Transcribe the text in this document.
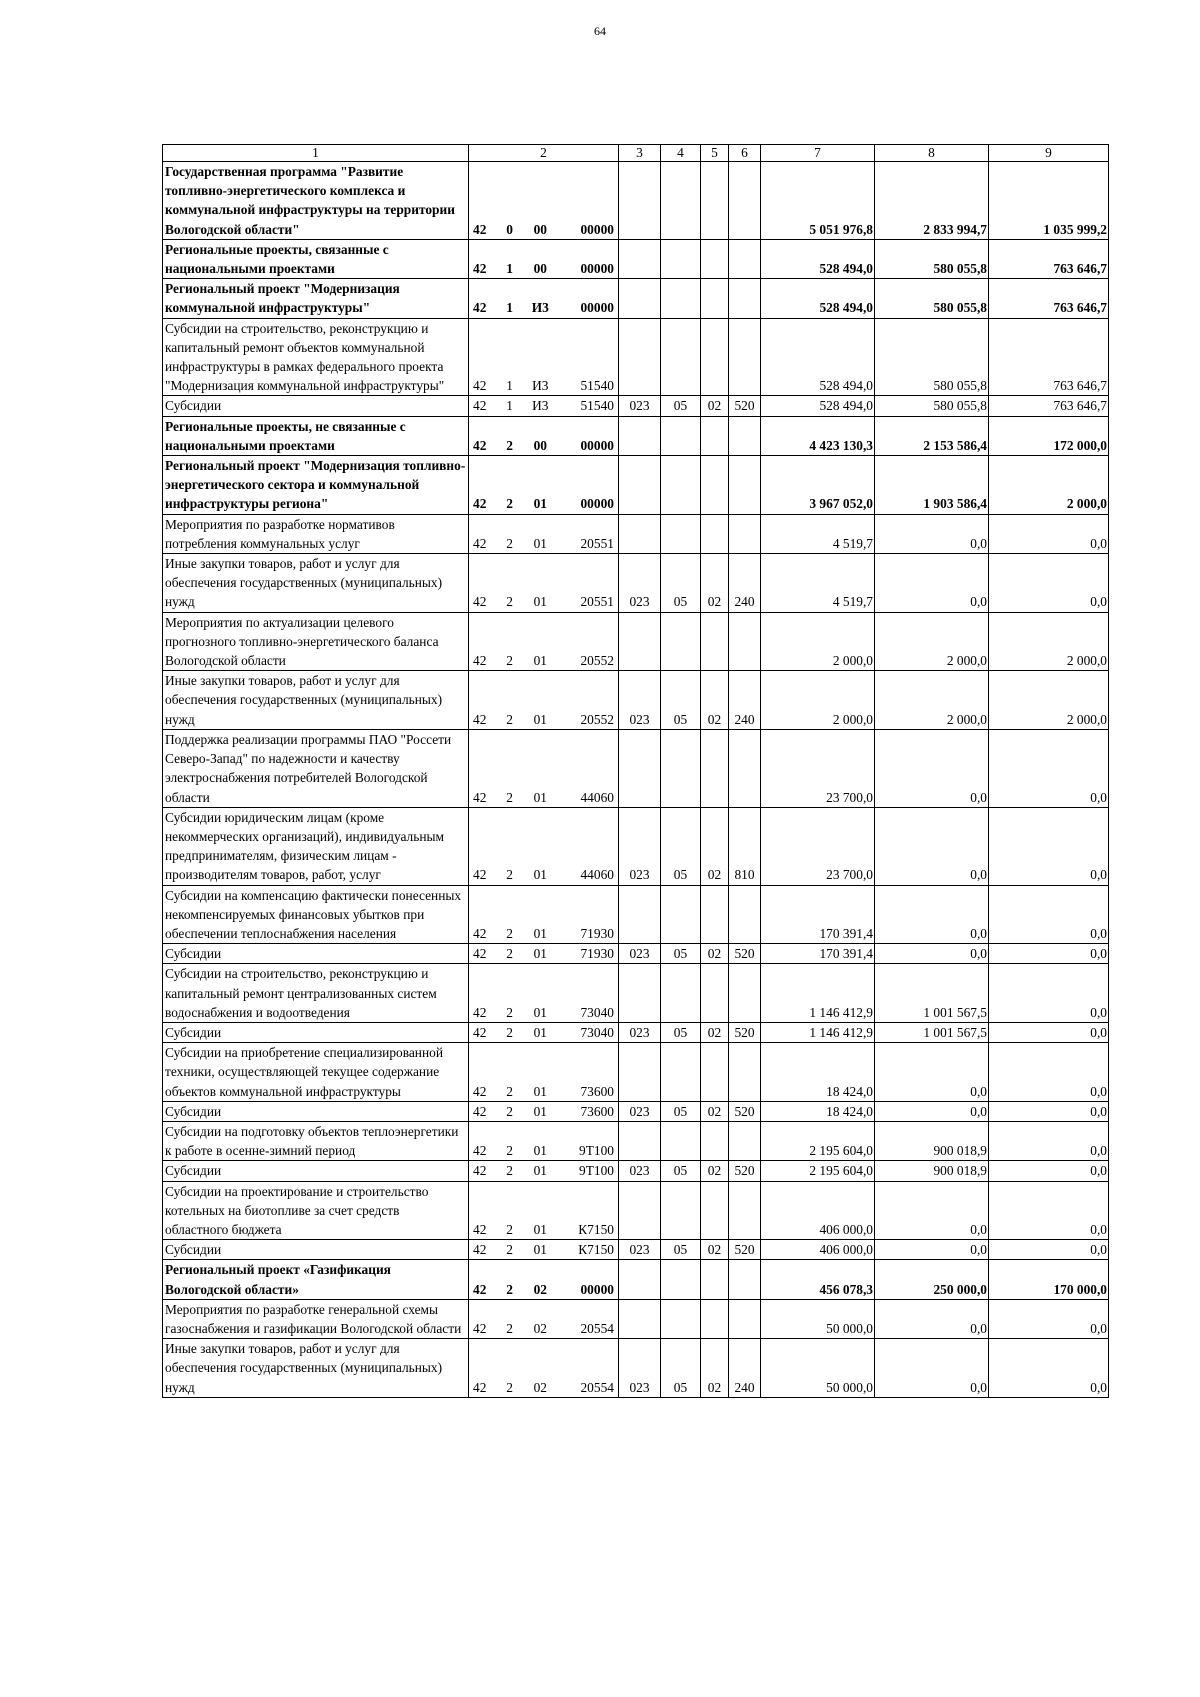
64
1	2	3	4	5	6	7	8	9
Государственная программа "Развитие топливно-энергетического комплекса и коммунальной инфраструктуры на территории Вологодской области"	42 0 00 00000					5 051 976,8	2 833 994,7	1 035 999,2
Региональные проекты, связанные с национальными проектами	42 1 00 00000					528 494,0	580 055,8	763 646,7
Региональный проект "Модернизация коммунальной инфраструктуры"	42 1 И3 00000					528 494,0	580 055,8	763 646,7
Субсидии на строительство, реконструкцию и капитальный ремонт объектов коммунальной инфраструктуры в рамках федерального проекта "Модернизация коммунальной инфраструктуры"	42 1 И3 51540					528 494,0	580 055,8	763 646,7
Субсидии	42 1 И3 51540	023	05	02	520	528 494,0	580 055,8	763 646,7
Региональные проекты, не связанные с национальными проектами	42 2 00 00000					4 423 130,3	2 153 586,4	172 000,0
Региональный проект "Модернизация топливно-энергетического сектора и коммунальной инфраструктуры региона"	42 2 01 00000					3 967 052,0	1 903 586,4	2 000,0
Мероприятия по разработке нормативов потребления коммунальных услуг	42 2 01 20551					4 519,7	0,0	0,0
Иные закупки товаров, работ и услуг для обеспечения государственных (муниципальных) нужд	42 2 01 20551	023	05	02	240	4 519,7	0,0	0,0
Мероприятия по актуализации целевого прогнозного топливно-энергетического баланса Вологодской области	42 2 01 20552					2 000,0	2 000,0	2 000,0
Иные закупки товаров, работ и услуг для обеспечения государственных (муниципальных) нужд	42 2 01 20552	023	05	02	240	2 000,0	2 000,0	2 000,0
Поддержка реализации программы ПАО "Россети Северо-Запад" по надежности и качеству электроснабжения потребителей Вологодской области	42 2 01 44060					23 700,0	0,0	0,0
Субсидии юридическим лицам (кроме некоммерческих организаций), индивидуальным предпринимателям, физическим лицам - производителям товаров, работ, услуг	42 2 01 44060	023	05	02	810	23 700,0	0,0	0,0
Субсидии на компенсацию фактически понесенных некомпенсируемых финансовых убытков при обеспечении теплоснабжения населения	42 2 01 71930					170 391,4	0,0	0,0
Субсидии	42 2 01 71930	023	05	02	520	170 391,4	0,0	0,0
Субсидии на строительство, реконструкцию и капитальный ремонт централизованных систем водоснабжения и водоотведения	42 2 01 73040					1 146 412,9	1 001 567,5	0,0
Субсидии	42 2 01 73040	023	05	02	520	1 146 412,9	1 001 567,5	0,0
Субсидии на приобретение специализированной техники, осуществляющей текущее содержание объектов коммунальной инфраструктуры	42 2 01 73600					18 424,0	0,0	0,0
Субсидии	42 2 01 73600	023	05	02	520	18 424,0	0,0	0,0
Субсидии на подготовку объектов теплоэнергетики к работе в осенне-зимний период	42 2 01 9Т100					2 195 604,0	900 018,9	0,0
Субсидии	42 2 01 9Т100	023	05	02	520	2 195 604,0	900 018,9	0,0
Субсидии на проектирование и строительство котельных на биотопливе за счет средств областного бюджета	42 2 01 К7150					406 000,0	0,0	0,0
Субсидии	42 2 01 К7150	023	05	02	520	406 000,0	0,0	0,0
Региональный проект «Газификация Вологодской области»	42 2 02 00000					456 078,3	250 000,0	170 000,0
Мероприятия по разработке генеральной схемы газоснабжения и газификации Вологодской области	42 2 02 20554					50 000,0	0,0	0,0
Иные закупки товаров, работ и услуг для обеспечения государственных (муниципальных) нужд	42 2 02 20554	023	05	02	240	50 000,0	0,0	0,0
